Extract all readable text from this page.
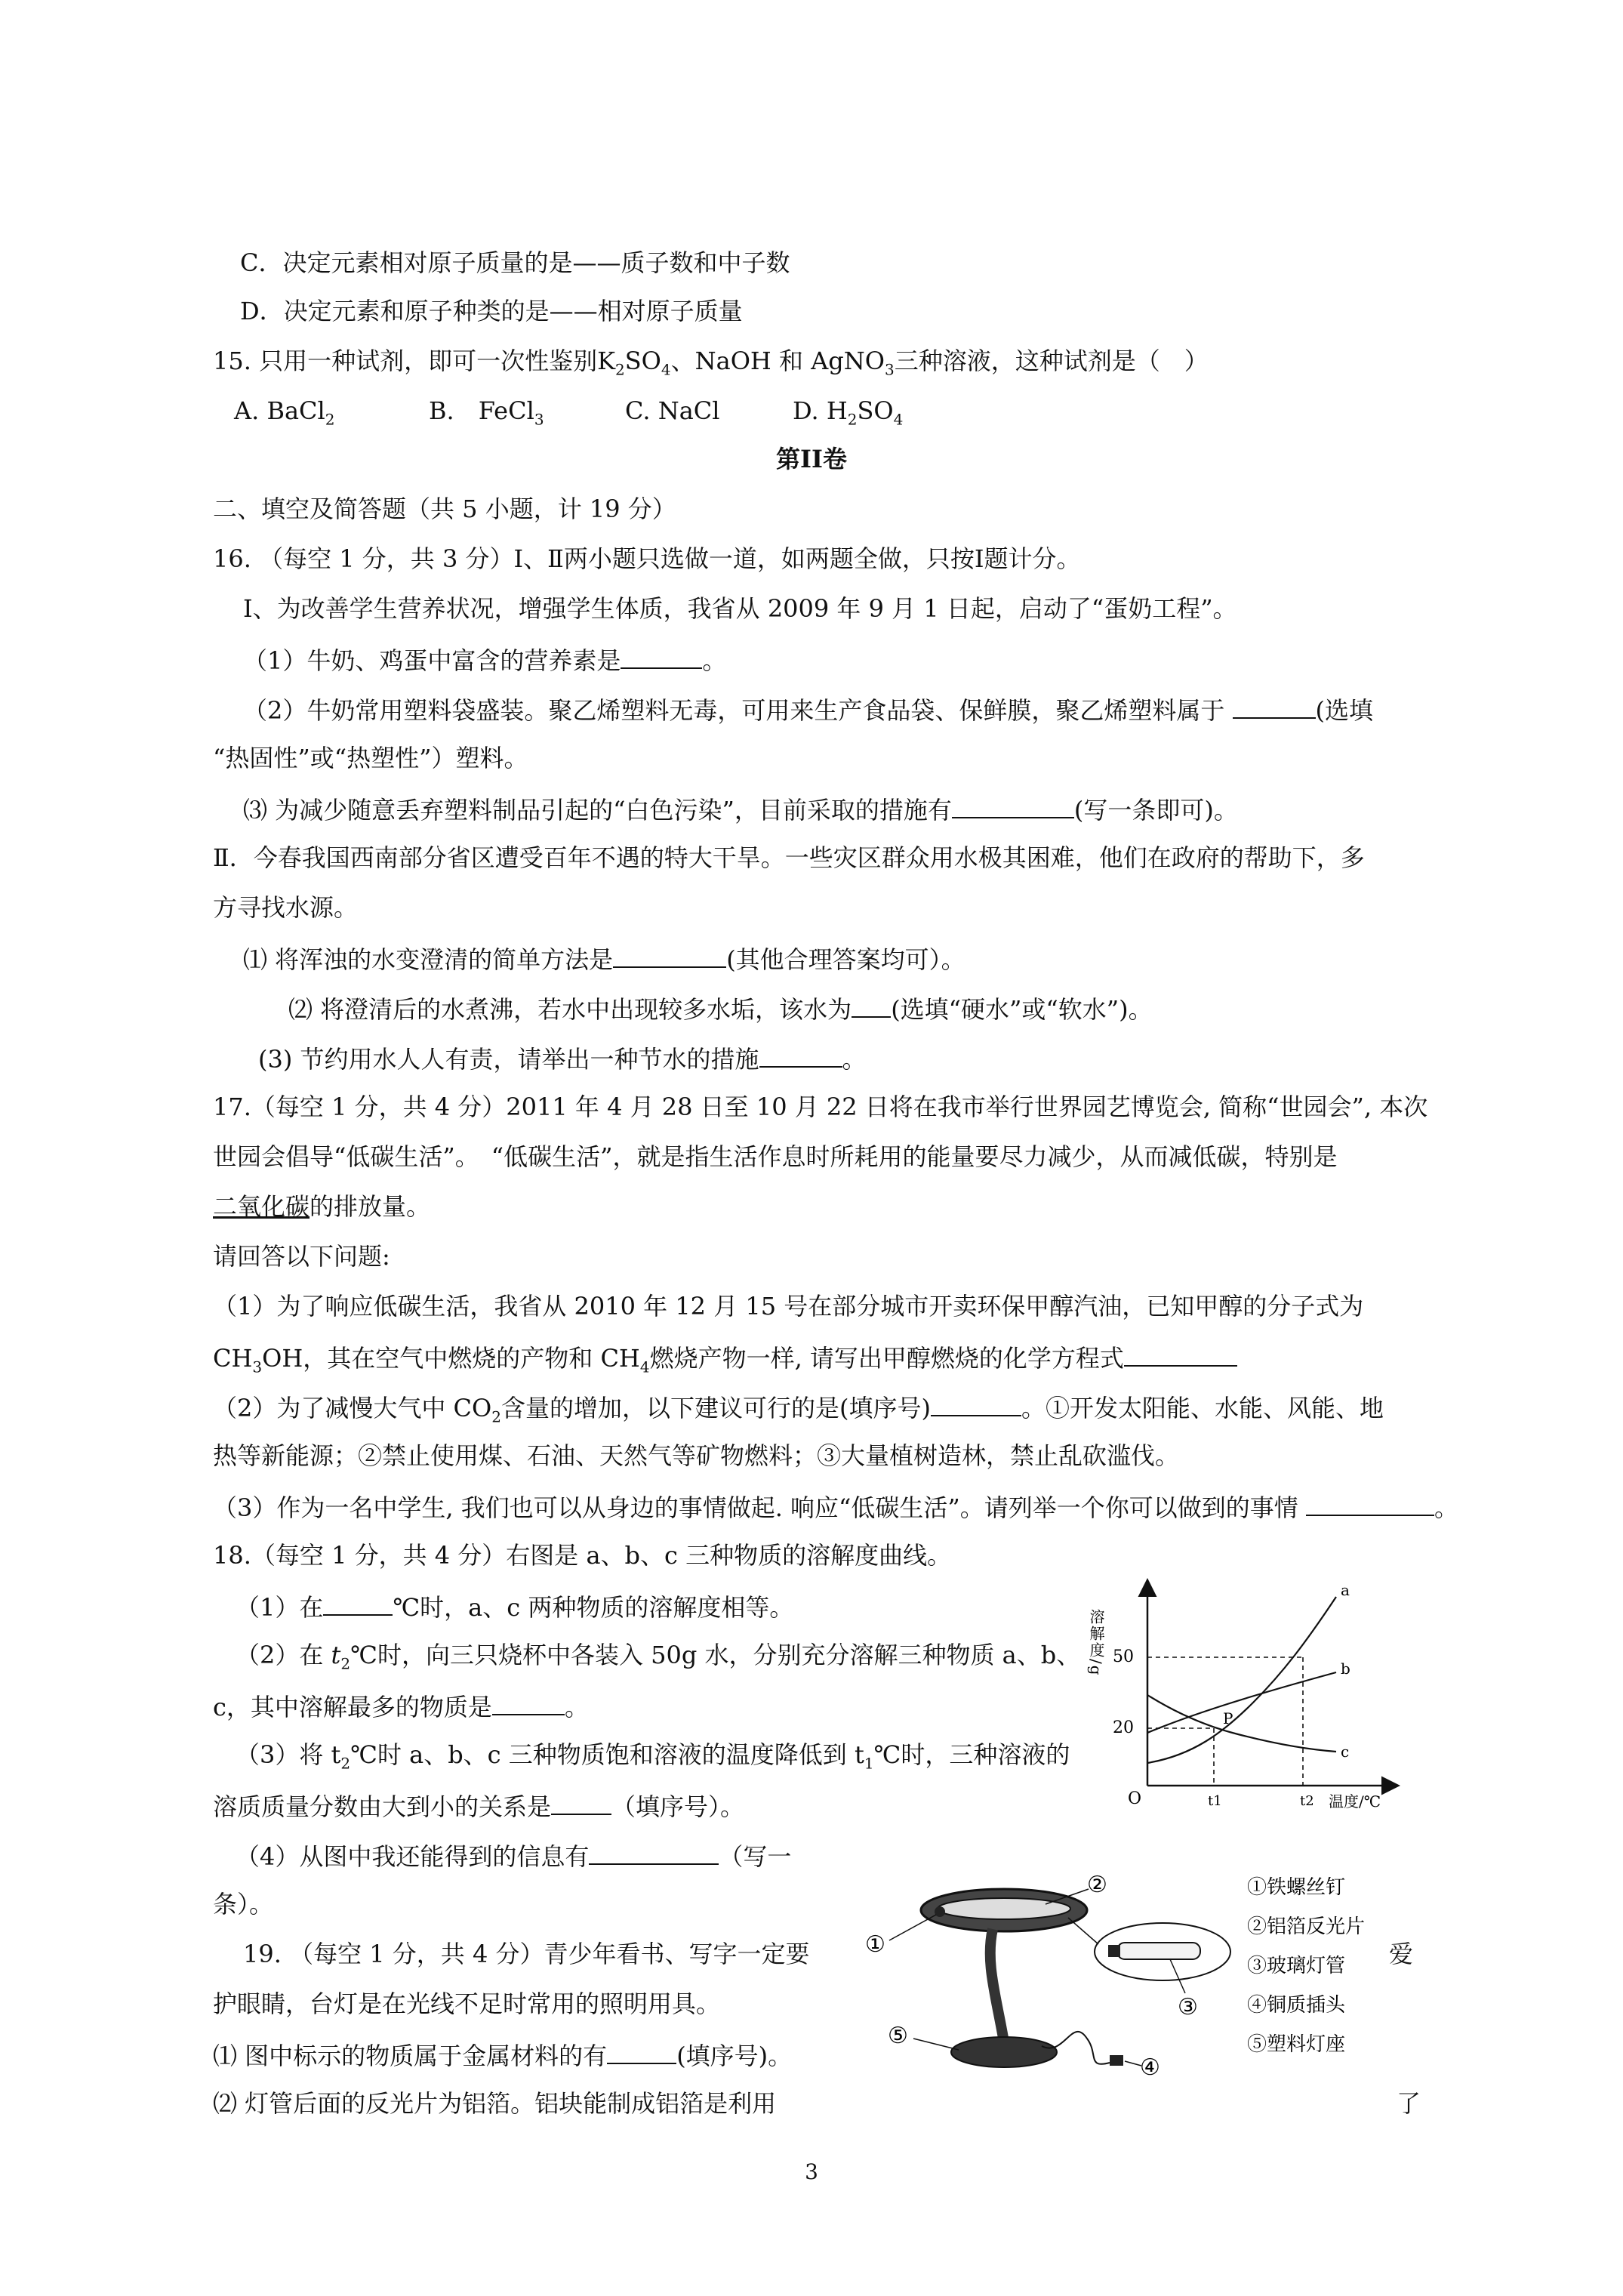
C．决定元素相对原子质量的是——质子数和中子数
D．决定元素和原子种类的是——相对原子质量
15. 只用一种试剂，即可一次性鉴别$K_2SO_4$、NaOH 和 AgNO$_3$三种溶液，这种试剂是（　）
A. BaCl$_2$	B.　FeCl$_3$	C. NaCl	D. $H_2SO_4$
第II卷
二、填空及简答题（共 5 小题，计 19 分）
16. （每空 1 分，共 3 分）Ⅰ、Ⅱ两小题只选做一道，如两题全做，只按Ⅰ题计分。
Ⅰ、为改善学生营养状况，增强学生体质，我省从 2009 年 9 月 1 日起，启动了“蛋奶工程”。
（1）牛奶、鸡蛋中富含的营养素是	。
（2）牛奶常用塑料袋盛装。聚乙烯塑料无毒，可用来生产食品袋、保鲜膜，聚乙烯塑料属于	(选填
“热固性”或“热塑性”）塑料。
⑶ 为减少随意丢弃塑料制品引起的“白色污染”，目前采取的措施有	(写一条即可)。
Ⅱ．今春我国西南部分省区遭受百年不遇的特大干旱。一些灾区群众用水极其困难，他们在政府的帮助下，多
方寻找水源。
⑴ 将浑浊的水变澄清的简单方法是	(其他合理答案均可）。
⑵ 将澄清后的水煮沸，若水中出现较多水垢，该水为 (选填“硬水”或“软水”)。
(3) 节约用水人人有责，请举出一种节水的措施	。
17.（每空 1 分，共 4 分）2011 年 4 月 28 日至 10 月 22 日将在我市举行世界园艺博览会, 简称“世园会”, 本次
世园会倡导“低碳生活”。　“低碳生活”，就是指生活作息时所耗用的能量要尽力减少，从而减低碳，特别是
二氧化碳的排放量。
请回答以下问题:
（1）为了响应低碳生活，我省从 2010 年 12 月 15 号在部分城市开卖环保甲醇汽油，已知甲醇的分子式为
$CH_3OH$，其在空气中燃烧的产物和 $CH_4$燃烧产物一样, 请写出甲醇燃烧的化学方程式
（2）为了减慢大气中 $CO_2$含量的增加，以下建议可行的是(填序号)	。①开发太阳能、水能、风能、地
热等新能源；②禁止使用煤、石油、天然气等矿物燃料；③大量植树造林，禁止乱砍滥伐。
（3）作为一名中学生, 我们也可以从身边的事情做起. 响应“低碳生活”。请列举一个你可以做到的事情	。
18.（每空 1 分，共 4 分）右图是 a、b、c 三种物质的溶解度曲线。
（1）在	℃时，a、c 两种物质的溶解度相等。
（2）在 $t_2℃$时，向三只烧杯中各装入 50g 水，分别充分溶解三种物质 a、b、
c，其中溶解最多的物质是	。
（3）将 $t_2℃$时 a、b、c 三种物质饱和溶液的温度降低到 $t_1℃$时，三种溶液的
溶质质量分数由大到小的关系是	（填序号）。
（4）从图中我还能得到的信息有	（写一
条）。
19. （每空 1 分，共 4 分）青少年看书、写字一定要	爱
护眼睛，台灯是在光线不足时常用的照明用具。
⑴ 图中标示的物质属于金属材料的有	(填序号)。
⑵ 灯管后面的反光片为铝箔。铝块能制成铝箔是利用	了
溶解度/g
温度/℃
O
50
20
t1	t2
a
b
c
P
①
②
③
④
⑤
①铁螺丝钉
②铝箔反光片
③玻璃灯管
④铜质插头
⑤塑料灯座
3
